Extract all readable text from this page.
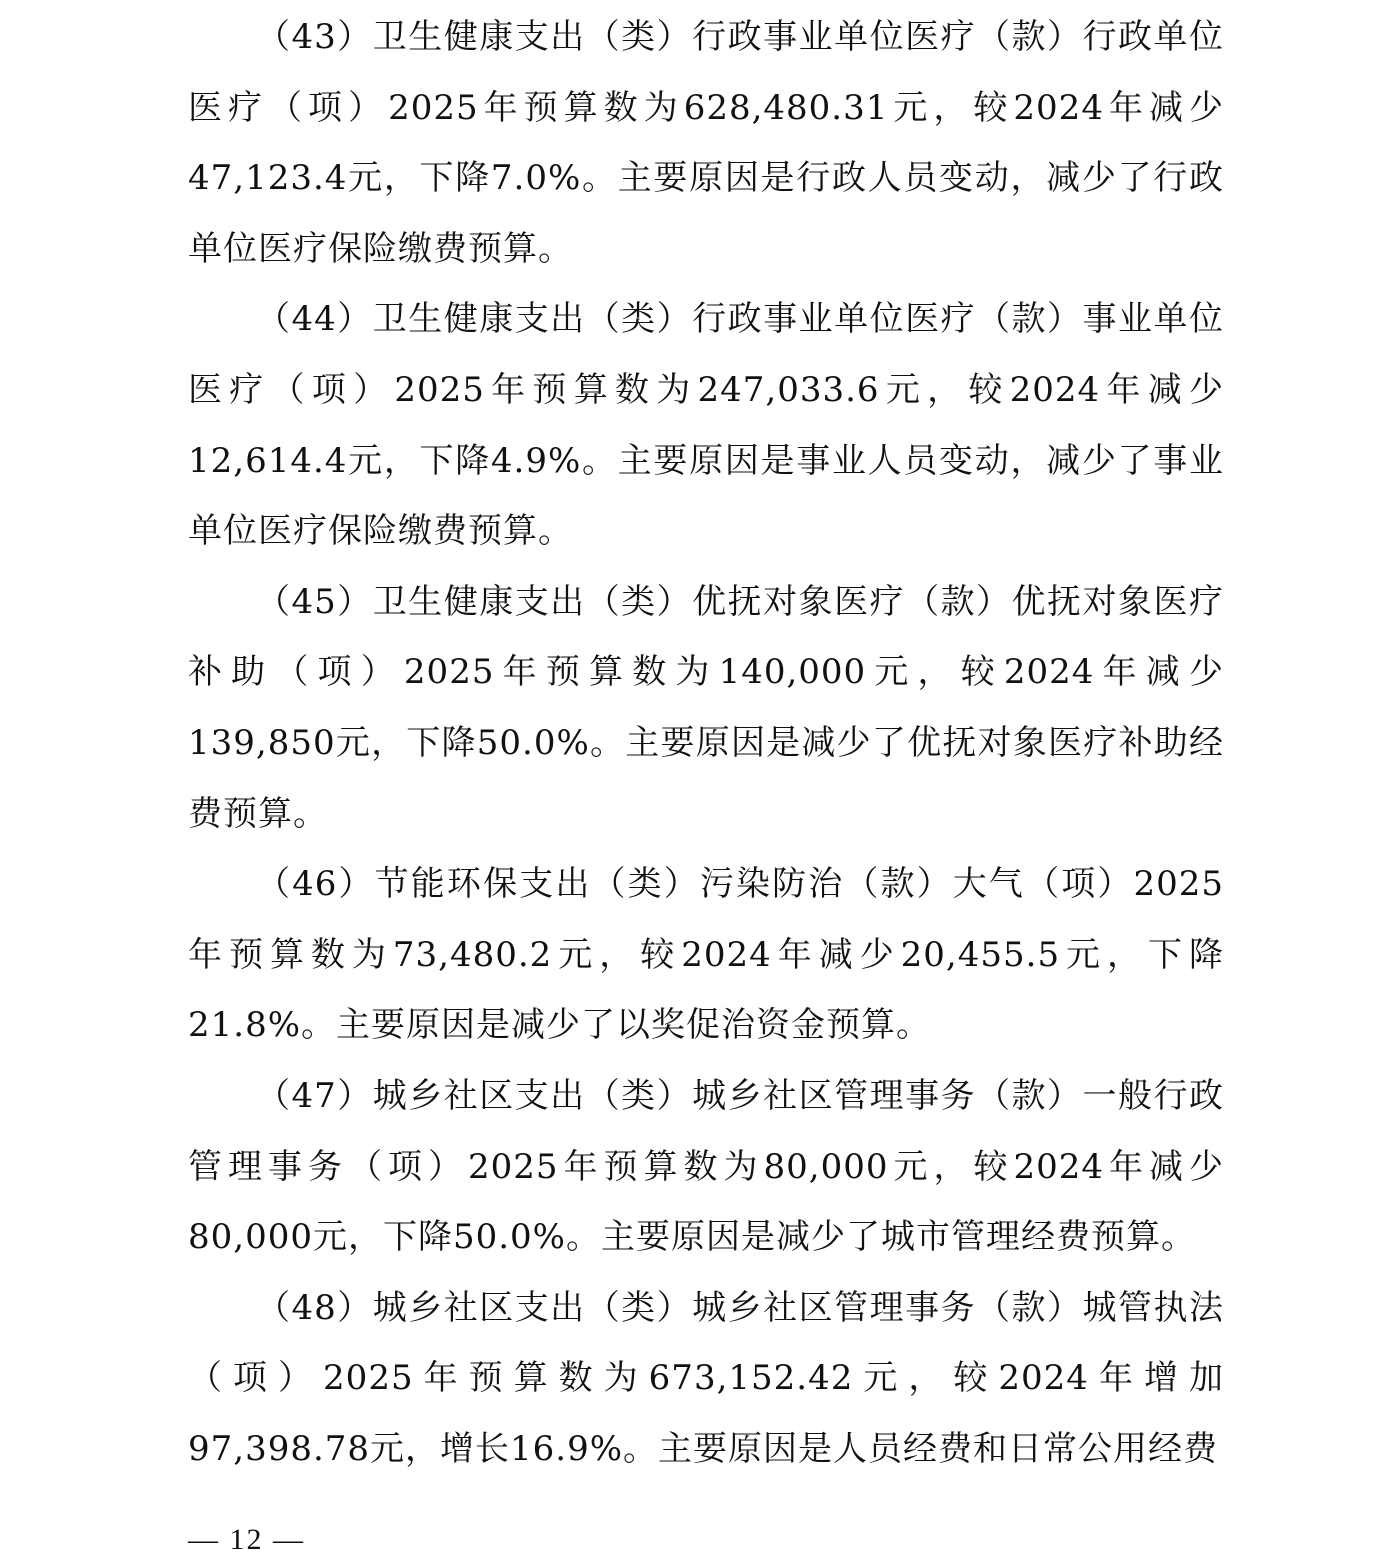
（43）卫生健康支出（类）行政事业单位医疗（款）行政单位医疗（项）2025年预算数为628,480.31元，较2024年减少47,123.4元，下降7.0%。主要原因是行政人员变动，减少了行政单位医疗保险缴费预算。

（44）卫生健康支出（类）行政事业单位医疗（款）事业单位医疗（项）2025年预算数为247,033.6元，较2024年减少12,614.4元，下降4.9%。主要原因是事业人员变动，减少了事业单位医疗保险缴费预算。

（45）卫生健康支出（类）优抚对象医疗（款）优抚对象医疗补助（项）2025年预算数为140,000元，较2024年减少139,850元，下降50.0%。主要原因是减少了优抚对象医疗补助经费预算。

（46）节能环保支出（类）污染防治（款）大气（项）2025年预算数为73,480.2元，较2024年减少20,455.5元，下降21.8%。主要原因是减少了以奖促治资金预算。

（47）城乡社区支出（类）城乡社区管理事务（款）一般行政管理事务（项）2025年预算数为80,000元，较2024年减少80,000元，下降50.0%。主要原因是减少了城市管理经费预算。

（48）城乡社区支出（类）城乡社区管理事务（款）城管执法（项）2025年预算数为673,152.42元，较2024年增加97,398.78元，增长16.9%。主要原因是人员经费和日常公用经费

— 12 —
